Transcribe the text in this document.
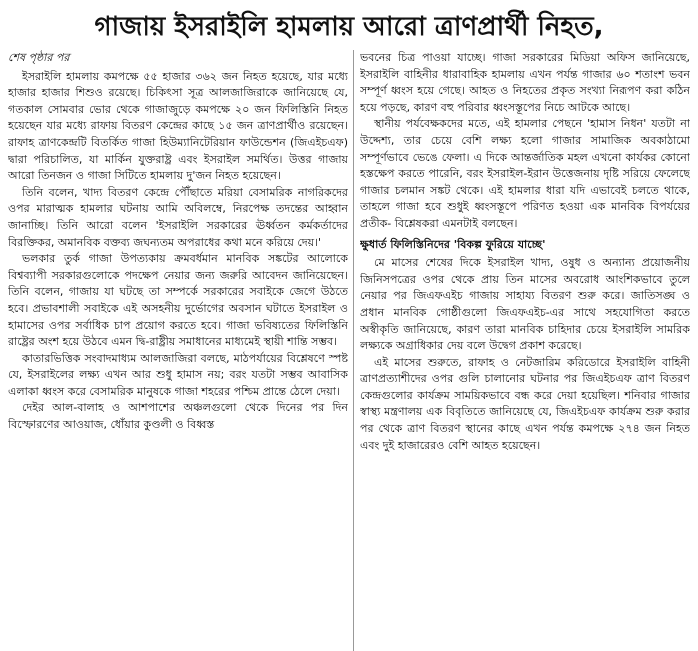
গাজায় ইসরাইলি হামলায় আরো ত্রাণপ্রার্থী নিহত,

শেষ পৃষ্ঠার পর

ইসরাইলি হামলায় কমপক্ষে ৫৫ হাজার ৩৬২ জন নিহত হয়েছে, যার মধ্যে হাজার হাজার শিশুও রয়েছে। চিকিৎসা সূত্র আলজাজিরাকে জানিয়েছে যে, গতকাল সোমবার ভোর থেকে গাজাজুড়ে কমপক্ষে ২০ জন ফিলিস্তিনি নিহত হয়েছেন যার মধ্যে রাফায় বিতরণ কেন্দ্রের কাছে ১৫ জন ত্রাণপ্রার্থীও রয়েছেন। রাফাহ ত্রাণকেন্দ্রটি বিতর্কিত গাজা হিউম্যানিটেরিয়ান ফাউন্ডেশন (জিএইচএফ) দ্বারা পরিচালিত, যা মার্কিন যুক্তরাষ্ট্র এবং ইসরাইল সমর্থিত। উত্তর গাজায় আরো তিনজন ও গাজা সিটিতে হামলায় দু'জন নিহত হয়েছেন।

তিনি বলেন, খাদ্য বিতরণ কেন্দ্রে পৌঁছাতে মরিয়া বেসামরিক নাগরিকদের ওপর মারাত্মক হামলার ঘটনায় আমি অবিলম্বে, নিরপেক্ষ তদন্তের আহ্বান জানাচ্ছি। তিনি আরো বলেন 'ইসরাইলি সরকারের ঊর্ধ্বতন কর্মকর্তাদের বিরক্তিকর, অমানবিক বক্তব্য জঘন্যতম অপরাধের কথা মনে করিয়ে দেয়।'

ভলকার তুর্ক গাজা উপত্যকায় ক্রমবর্ধমান মানবিক সঙ্কটের আলোকে বিশ্বব্যাপী সরকারগুলোকে পদক্ষেপ নেয়ার জন্য জরুরি আবেদন জানিয়েছেন। তিনি বলেন, গাজায় যা ঘটছে তা সম্পর্কে সরকারের সবাইকে জেগে উঠতে হবে। প্রভাবশালী সবাইকে এই অসহনীয় দুর্ভোগের অবসান ঘটাতে ইসরাইল ও হামাসের ওপর সর্বাধিক চাপ প্রয়োগ করতে হবে। গাজা ভবিষ্যতের ফিলিস্তিনি রাষ্ট্রের অংশ হয়ে উঠবে এমন দ্বি-রাষ্ট্রীয় সমাধানের মাধ্যমেই স্থায়ী শান্তি সম্ভব।

কাতারভিত্তিক সংবাদমাধ্যম আলজাজিরা বলছে, মাঠপর্যায়ের বিশ্লেষণে স্পষ্ট যে, ইসরাইলের লক্ষ্য এখন আর শুধু হামাস নয়; বরং যতটা সম্ভব আবাসিক এলাকা ধ্বংস করে বেসামরিক মানুষকে গাজা শহরের পশ্চিম প্রান্তে ঠেলে দেয়া।

দেইর আল-বালাহ ও আশপাশের অঞ্চলগুলো থেকে দিনের পর দিন বিস্ফোরণের আওয়াজ, ধোঁয়ার কুণ্ডলী ও বিধ্বস্ত

ভবনের চিত্র পাওয়া যাচ্ছে। গাজা সরকারের মিডিয়া অফিস জানিয়েছে, ইসরাইলি বাহিনীর ধারাবাহিক হামলায় এখন পর্যন্ত গাজার ৬০ শতাংশ ভবন সম্পূর্ণ ধ্বংস হয়ে গেছে। আহত ও নিহতের প্রকৃত সংখ্যা নিরূপণ করা কঠিন হয়ে পড়ছে, কারণ বহু পরিবার ধ্বংসস্তূপের নিচে আটকে আছে।

স্থানীয় পর্যবেক্ষকদের মতে, এই হামলার পেছনে 'হামাস নিধন' যতটা না উদ্দেশ্য, তার চেয়ে বেশি লক্ষ্য হলো গাজার সামাজিক অবকাঠামো সম্পূর্ণভাবে ভেঙে ফেলা। এ দিকে আন্তর্জাতিক মহল এখনো কার্যকর কোনো হস্তক্ষেপ করতে পারেনি, বরং ইসরাইল-ইরান উত্তেজনায় দৃষ্টি সরিয়ে ফেলেছে গাজার চলমান সঙ্কট থেকে। এই হামলার ধারা যদি এভাবেই চলতে থাকে, তাহলে গাজা হবে শুধুই ধ্বংসস্তূপে পরিণত হওয়া এক মানবিক বিপর্যয়ের প্রতীক- বিশ্লেষকরা এমনটাই বলছেন।

ক্ষুধার্ত ফিলিস্তিনিদের 'বিকল্প ফুরিয়ে যাচ্ছে'

মে মাসের শেষের দিকে ইসরাইল খাদ্য, ওষুধ ও অন্যান্য প্রয়োজনীয় জিনিসপত্রের ওপর থেকে প্রায় তিন মাসের অবরোধ আংশিকভাবে তুলে নেয়ার পর জিএফএইচ গাজায় সাহায্য বিতরণ শুরু করে। জাতিসঙ্ঘ ও প্রধান মানবিক গোষ্ঠীগুলো জিএফএইচ-এর সাথে সহযোগিতা করতে অস্বীকৃতি জানিয়েছে, কারণ তারা মানবিক চাহিদার চেয়ে ইসরাইলি সামরিক লক্ষ্যকে অগ্রাধিকার দেয় বলে উদ্বেগ প্রকাশ করেছে।

এই মাসের শুরুতে, রাফাহ ও নেটজারিম করিডোরে ইসরাইলি বাহিনী ত্রাণপ্রত্যাশীদের ওপর গুলি চালানোর ঘটনার পর জিএইচএফ ত্রাণ বিতরণ কেন্দ্রগুলোর কার্যক্রম সাময়িকভাবে বন্ধ করে দেয়া হয়েছিল। শনিবার গাজার স্বাস্থ্য মন্ত্রণালয় এক বিবৃতিতে জানিয়েছে যে, জিএইচএফ কার্যক্রম শুরু করার পর থেকে ত্রাণ বিতরণ স্থানের কাছে এখন পর্যন্ত কমপক্ষে ২৭৪ জন নিহত এবং দুই হাজারেরও বেশি আহত হয়েছেন।
